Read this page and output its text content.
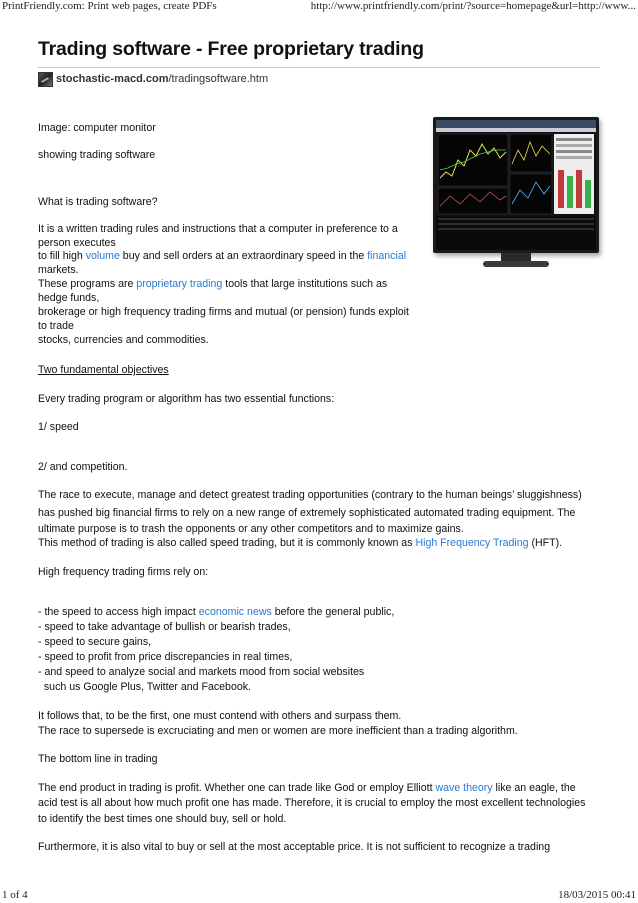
PrintFriendly.com: Print web pages, create PDFs	http://www.printfriendly.com/print/?source=homepage&url=http://www...
Trading software - Free proprietary trading
stochastic-macd.com /tradingsoftware.htm

Image: computer monitor

showing trading software

What is trading software?

It is a written trading rules and instructions that a computer in preference to a

person executes

to fill high volume buy and sell orders at an extraordinary speed in the financial

markets.

These programs are proprietary trading tools that large institutions such as

hedge funds,

brokerage or high frequency trading firms and mutual (or pension) funds exploit

to trade

stocks, currencies and commodities.

Two fundamental objectives

Every trading program or algorithm has two essential functions:

1/ speed

2/ and competition.

The race to execute, manage and detect greatest trading opportunities (contrary to the human beings’ sluggishness)

has pushed big financial firms to rely on a new range of extremely sophisticated automated trading equipment. The

ultimate purpose is to trash the opponents or any other competitors and to maximize gains.

This method of trading is also called speed trading, but it is commonly known as High Frequency Trading (HFT).

High frequency trading firms rely on:

- the speed to access high impact economic news before the general public,

- speed to take advantage of bullish or bearish trades,

- speed to secure gains,

- speed to profit from price discrepancies in real times,

- and speed to analyze social and markets mood from social websites

such us Google Plus, Twitter and Facebook.

It follows that, to be the first, one must contend with others and surpass them.

The race to supersede is excruciating and men or women are more inefficient than a trading algorithm.

The bottom line in trading

The end product in trading is profit. Whether one can trade like God or employ Elliott wave theory like an eagle, the

acid test is all about how much profit one has made. Therefore, it is crucial to employ the most excellent technologies

to identify the best times one should buy, sell or hold.

Furthermore, it is also vital to buy or sell at the most acceptable price. It is not sufficient to recognize a trading

1 of 4	18/03/2015 00:41
